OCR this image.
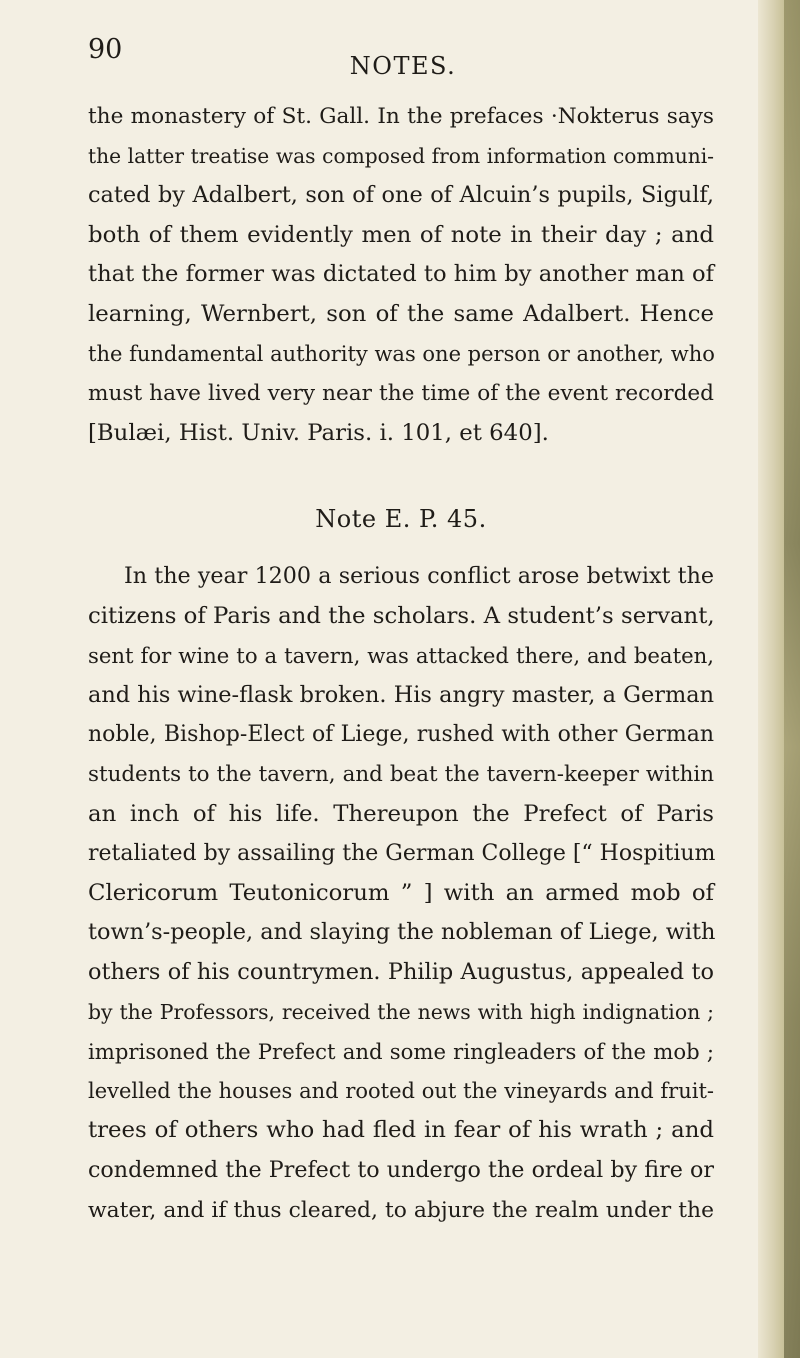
90
NOTES.

the monastery of St. Gall. In the prefaces ·Nokterus says
the latter treatise was composed from information communi-
cated by Adalbert, son of one of Alcuin’s pupils, Sigulf,
both of them evidently men of note in their day ; and
that the former was dictated to him by another man of
learning, Wernbert, son of the same Adalbert. Hence
the fundamental authority was one person or another, who
must have lived very near the time of the event recorded
[Bulæi, Hist. Univ. Paris. i. 101, et 640].

Note E. P. 45.

In the year 1200 a serious conflict arose betwixt the
citizens of Paris and the scholars. A student’s servant,
sent for wine to a tavern, was attacked there, and beaten,
and his wine-flask broken. His angry master, a German
noble, Bishop-Elect of Liege, rushed with other German
students to the tavern, and beat the tavern-keeper within
an inch of his life. Thereupon the Prefect of Paris
retaliated by assailing the German College [“ Hospitium
Clericorum Teutonicorum ” ] with an armed mob of
town’s-people, and slaying the nobleman of Liege, with
others of his countrymen. Philip Augustus, appealed to
by the Professors, received the news with high indignation ;
imprisoned the Prefect and some ringleaders of the mob ;
levelled the houses and rooted out the vineyards and fruit-
trees of others who had fled in fear of his wrath ; and
condemned the Prefect to undergo the ordeal by fire or
water, and if thus cleared, to abjure the realm under the
